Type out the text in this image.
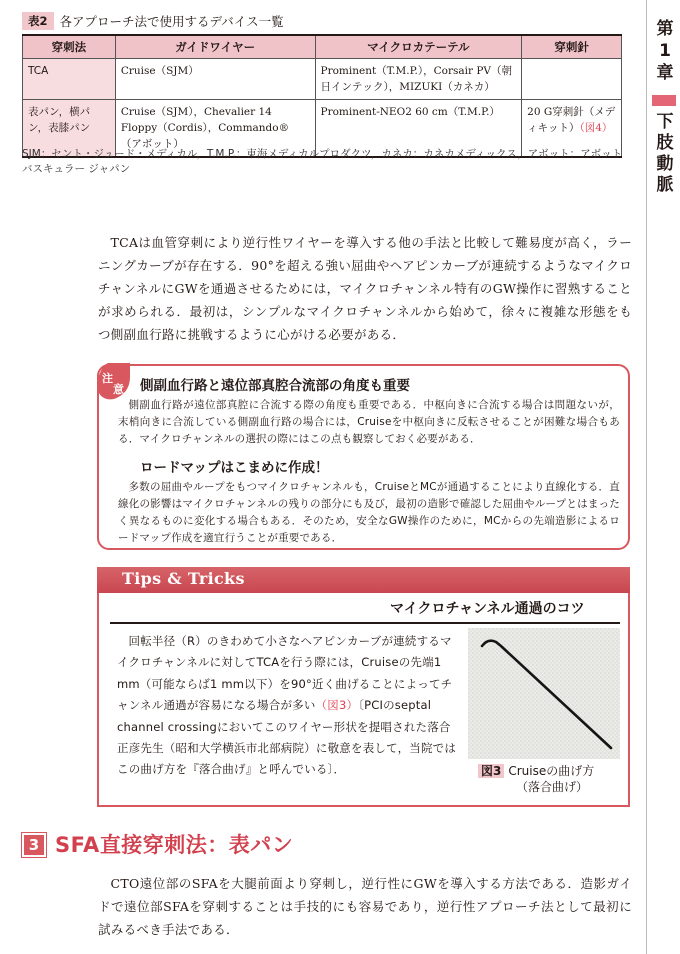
表2 各アプローチ法で使用するデバイス一覧
穿刺法	ガイドワイヤー	マイクロカテーテル	穿刺針
TCA	Cruise（SJM）	Prominent（T.M.P.），Corsair PV（朝日インテック），MIZUKI（カネカ）	
表パン，横パン，表膝パン	Cruise（SJM），Chevalier 14 Floppy（Cordis），Commando®（アボット）	Prominent-NEO2 60 cm（T.M.P.）	20 G穿刺針（メディキット）（図4）
SJM：セント・ジュード・メディカル，T.M.P.：東海メディカルプロダクツ，カネカ：カネカメディックス，アボット：アボットバスキュラー ジャパン
第1章
下肢動脈

TCAは血管穿刺により逆行性ワイヤーを導入する他の手法と比較して難易度が高く，ラーニングカーブが存在する．90°を超える強い屈曲やヘアピンカーブが連続するようなマイクロチャンネルにGWを通過させるためには，マイクロチャンネル特有のGW操作に習熟することが求められる．最初は，シンプルなマイクロチャンネルから始めて，徐々に複雑な形態をもつ側副血行路に挑戦するように心がける必要がある．

注
意 側副血行路と遠位部真腔合流部の角度も重要
側副血行路が遠位部真腔に合流する際の角度も重要である．中枢向きに合流する場合は問題ないが，末梢向きに合流している側副血行路の場合には，Cruiseを中枢向きに反転させることが困難な場合もある．マイクロチャンネルの選択の際にはこの点も観察しておく必要がある．
ロードマップはこまめに作成！
多数の屈曲やループをもつマイクロチャンネルも，CruiseとMCが通過することにより直線化する．直線化の影響はマイクロチャンネルの残りの部分にも及び，最初の造影で確認した屈曲やループとはまったく異なるものに変化する場合もある．そのため，安全なGW操作のために，MCからの先端造影によるロードマップ作成を適宜行うことが重要である．
Tips & Tricks
マイクロチャンネル通過のコツ

回転半径（R）のきわめて小さなヘアピンカーブが連続するマイクロチャンネルに対してTCAを行う際には，Cruiseの先端1 mm（可能ならば1 mm以下）を90°近く曲げることによってチャンネル通過が容易になる場合が多い（図3）〔PCIのseptal channel crossingにおいてこのワイヤー形状を提唱された落合正彦先生（昭和大学横浜市北部病院）に敬意を表して，当院ではこの曲げ方を『落合曲げ』と呼んでいる〕．	図3 Cruiseの曲げ方
（落合曲げ）
3 SFA直接穿刺法：表パン

CTO遠位部のSFAを大腿前面より穿刺し，逆行性にGWを導入する方法である．造影ガイドで遠位部SFAを穿刺することは手技的にも容易であり，逆行性アプローチ法として最初に試みるべき手法である．
